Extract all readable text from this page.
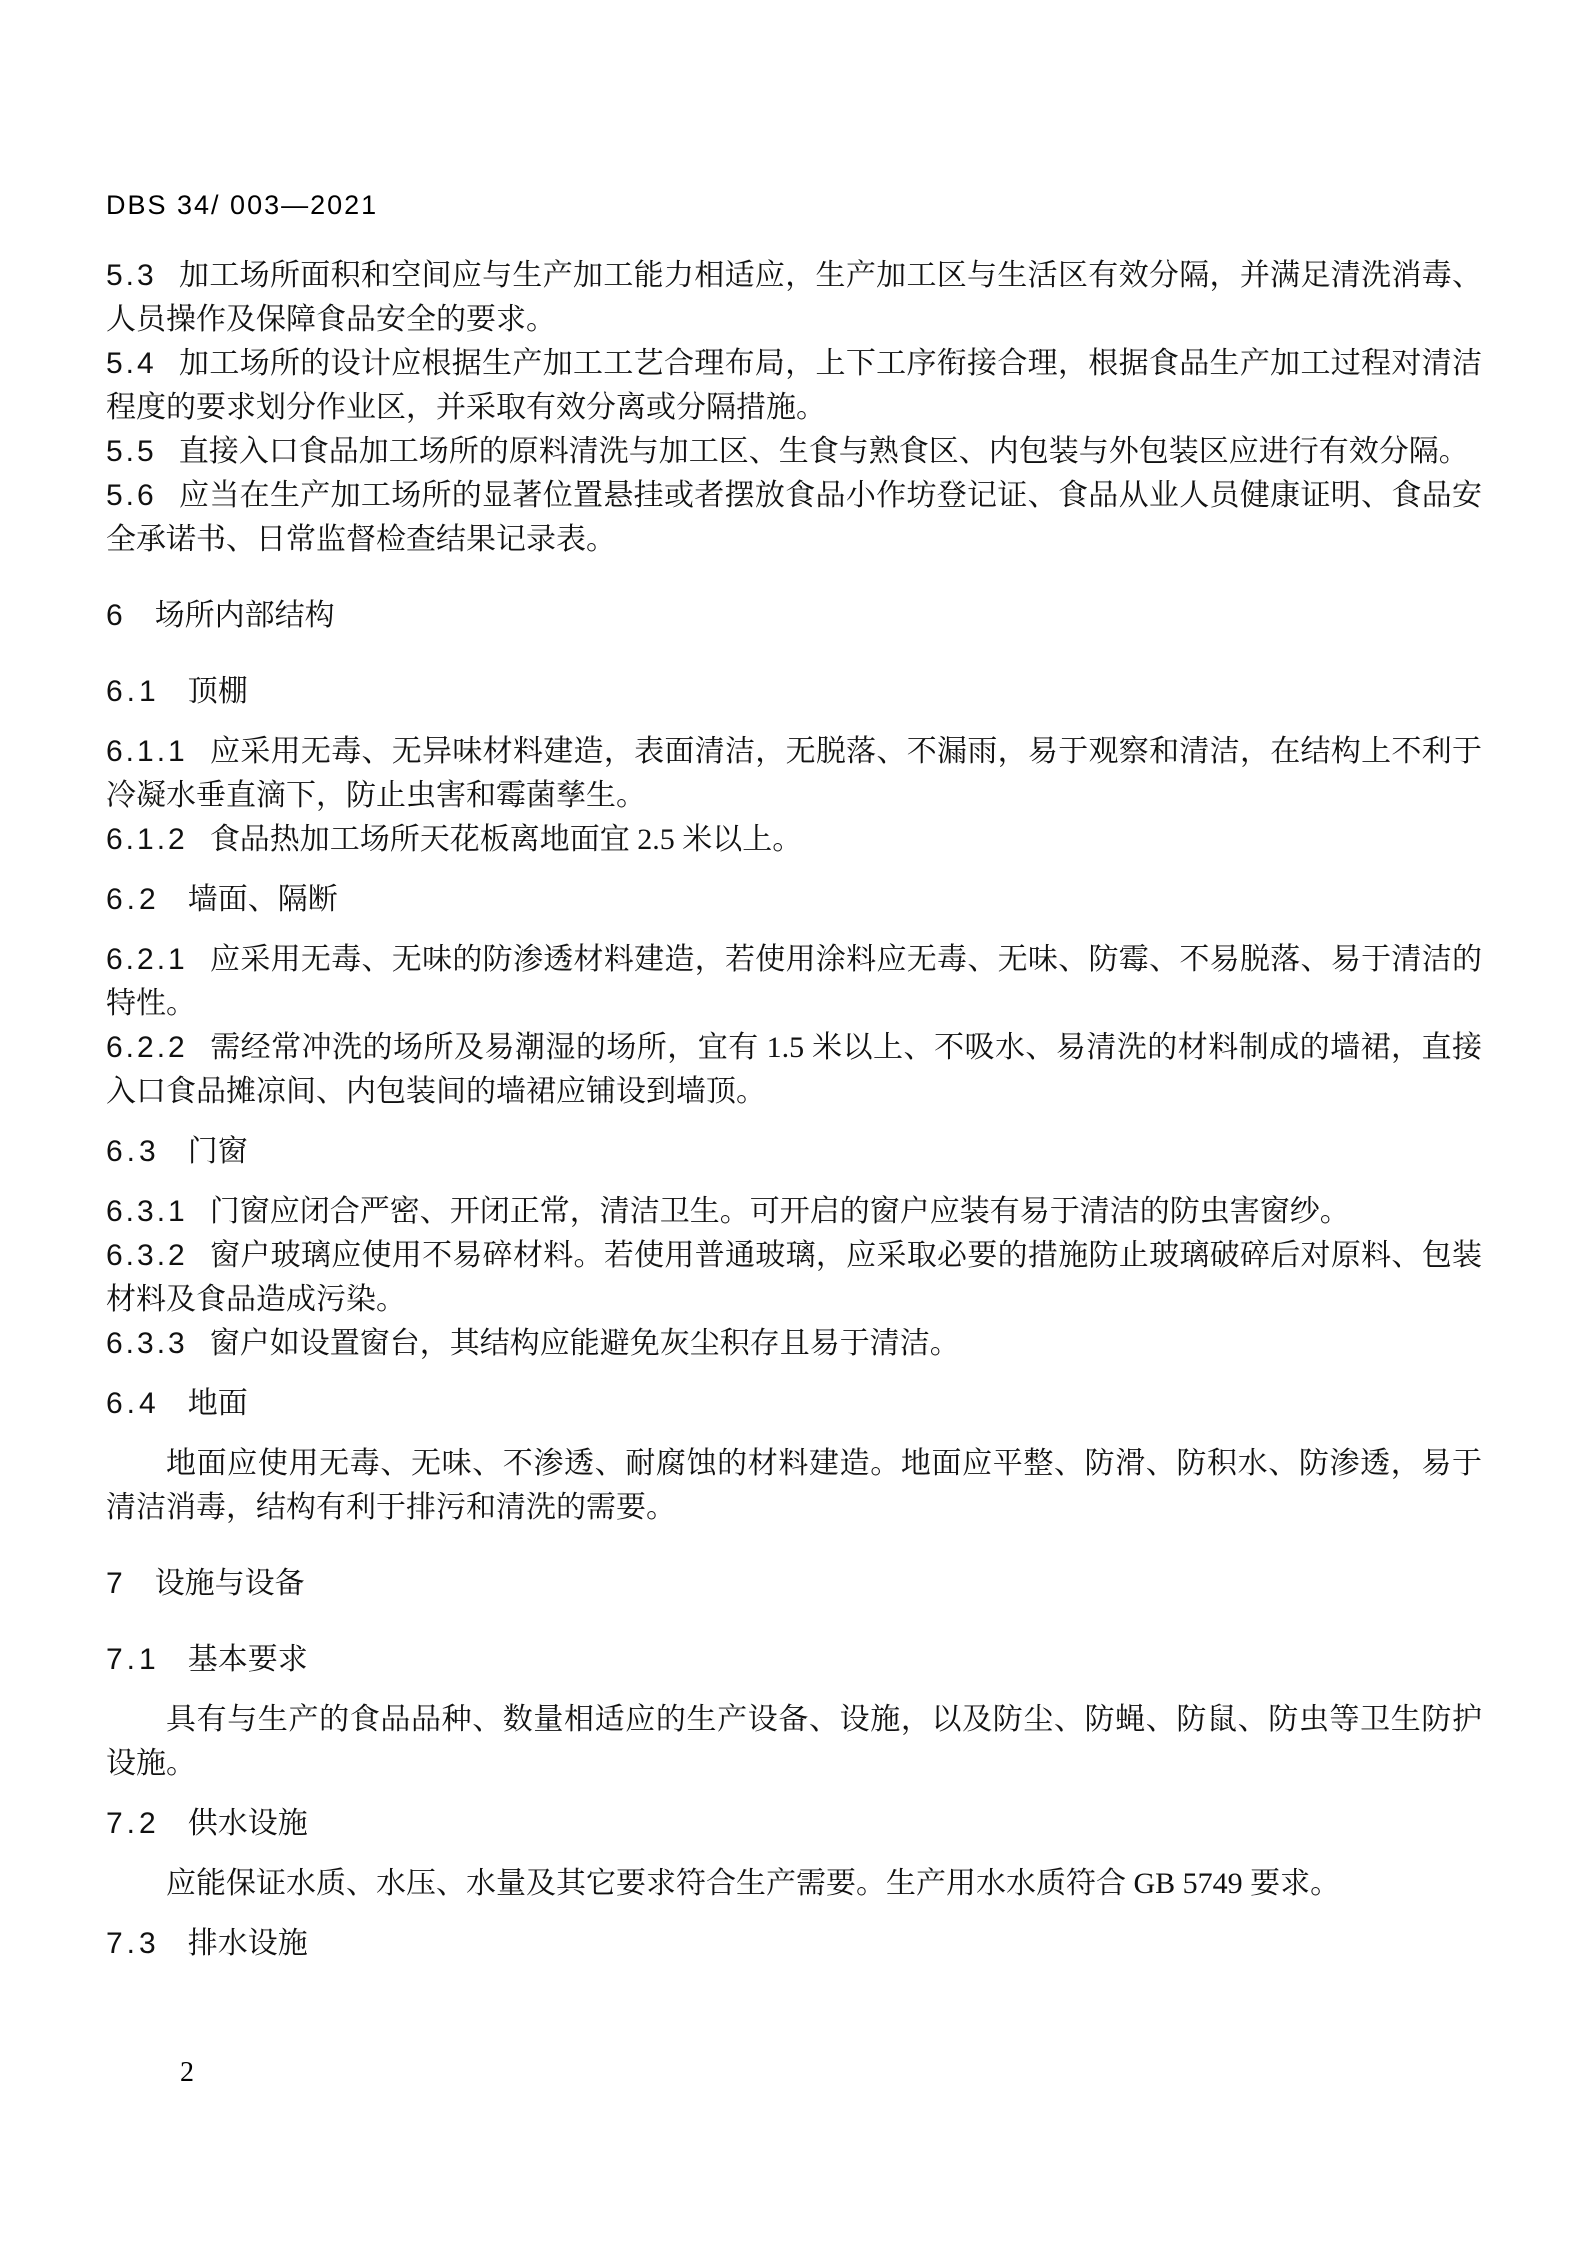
DBS 34/ 003—2021

5.3 加工场所面积和空间应与生产加工能力相适应，生产加工区与生活区有效分隔，并满足清洗消毒、人员操作及保障食品安全的要求。

5.4 加工场所的设计应根据生产加工工艺合理布局，上下工序衔接合理，根据食品生产加工过程对清洁程度的要求划分作业区，并采取有效分离或分隔措施。

5.5 直接入口食品加工场所的原料清洗与加工区、生食与熟食区、内包装与外包装区应进行有效分隔。

5.6 应当在生产加工场所的显著位置悬挂或者摆放食品小作坊登记证、食品从业人员健康证明、食品安全承诺书、日常监督检查结果记录表。

6 场所内部结构
6.1 顶棚

6.1.1 应采用无毒、无异味材料建造，表面清洁，无脱落、不漏雨，易于观察和清洁，在结构上不利于冷凝水垂直滴下，防止虫害和霉菌孳生。

6.1.2 食品热加工场所天花板离地面宜 2.5 米以上。

6.2 墙面、隔断

6.2.1 应采用无毒、无味的防渗透材料建造，若使用涂料应无毒、无味、防霉、不易脱落、易于清洁的特性。

6.2.2 需经常冲洗的场所及易潮湿的场所，宜有 1.5 米以上、不吸水、易清洗的材料制成的墙裙，直接入口食品摊凉间、内包装间的墙裙应铺设到墙顶。

6.3 门窗

6.3.1 门窗应闭合严密、开闭正常，清洁卫生。可开启的窗户应装有易于清洁的防虫害窗纱。

6.3.2 窗户玻璃应使用不易碎材料。若使用普通玻璃，应采取必要的措施防止玻璃破碎后对原料、包装材料及食品造成污染。

6.3.3 窗户如设置窗台，其结构应能避免灰尘积存且易于清洁。

6.4 地面

地面应使用无毒、无味、不渗透、耐腐蚀的材料建造。地面应平整、防滑、防积水、防渗透，易于清洁消毒，结构有利于排污和清洗的需要。

7 设施与设备
7.1 基本要求

具有与生产的食品品种、数量相适应的生产设备、设施，以及防尘、防蝇、防鼠、防虫等卫生防护设施。

7.2 供水设施

应能保证水质、水压、水量及其它要求符合生产需要。生产用水水质符合 GB 5749 要求。

7.3 排水设施
2
